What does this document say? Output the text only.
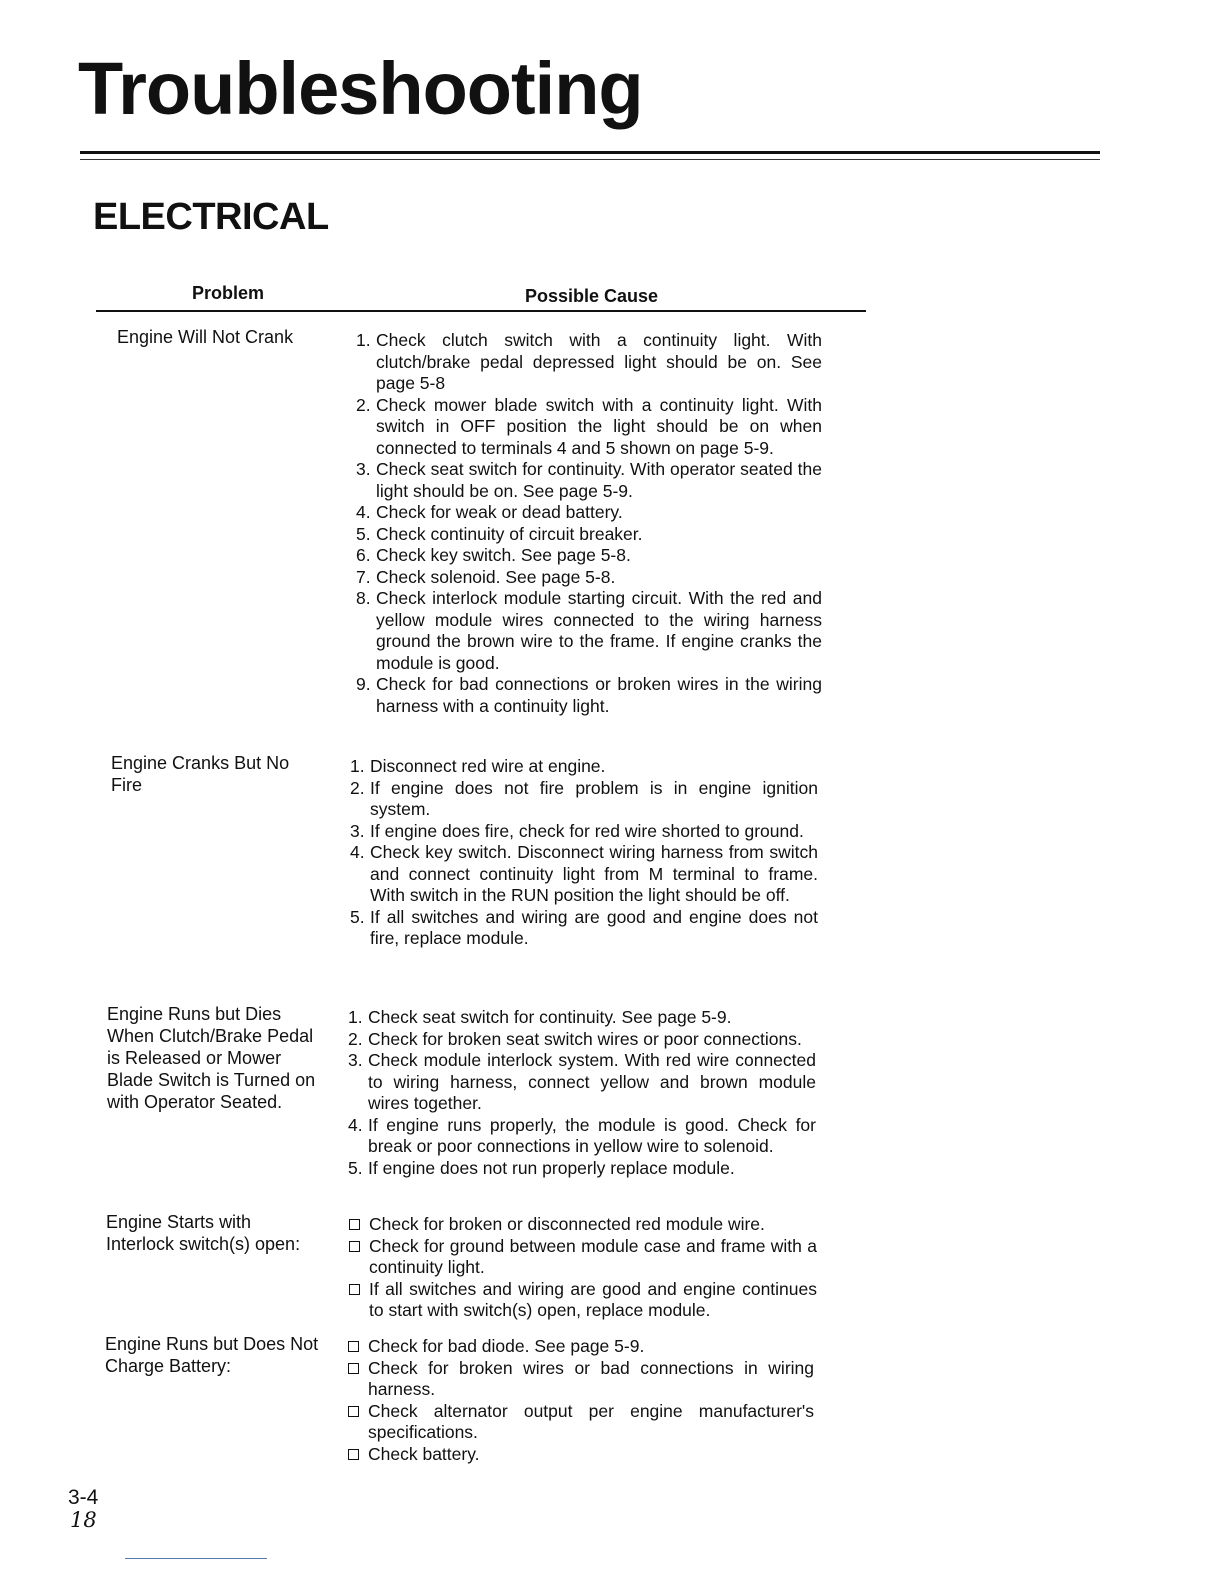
Troubleshooting
ELECTRICAL
Problem	Possible Cause
Engine Will Not Crank	1. Check clutch switch with a continuity light. With clutch/brake pedal depressed light should be on. See page 5-8
2. Check mower blade switch with a continuity light. With switch in OFF position the light should be on when connected to terminals 4 and 5 shown on page 5-9.
3. Check seat switch for continuity. With operator seated the light should be on. See page 5-9.
4. Check for weak or dead battery.
5. Check continuity of circuit breaker.
6. Check key switch. See page 5-8.
7. Check solenoid. See page 5-8.
8. Check interlock module starting circuit. With the red and yellow module wires connected to the wiring harness ground the brown wire to the frame. If engine cranks the module is good.
9. Check for bad connections or broken wires in the wiring harness with a continuity light.
Engine Cranks But No Fire
1. Disconnect red wire at engine.
2. If engine does not fire problem is in engine ignition system.
3. If engine does fire, check for red wire shorted to ground.
4. Check key switch. Disconnect wiring harness from switch and connect continuity light from M terminal to frame. With switch in the RUN position the light should be off.
5. If all switches and wiring are good and engine does not fire, replace module.
Engine Runs but Dies When Clutch/Brake Pedal is Released or Mower Blade Switch is Turned on with Operator Seated.
1. Check seat switch for continuity. See page 5-9.
2. Check for broken seat switch wires or poor connections.
3. Check module interlock system. With red wire connected to wiring harness, connect yellow and brown module wires together.
4. If engine runs properly, the module is good. Check for break or poor connections in yellow wire to solenoid.
5. If engine does not run properly replace module.
Engine Starts with Interlock switch(s) open:
Check for broken or disconnected red module wire.
Check for ground between module case and frame with a continuity light.
If all switches and wiring are good and engine continues to start with switch(s) open, replace module.
Engine Runs but Does Not Charge Battery:
Check for bad diode. See page 5-9.
Check for broken wires or bad connections in wiring harness.
Check alternator output per engine manufacturer's specifications.
Check battery.
3-4
18
